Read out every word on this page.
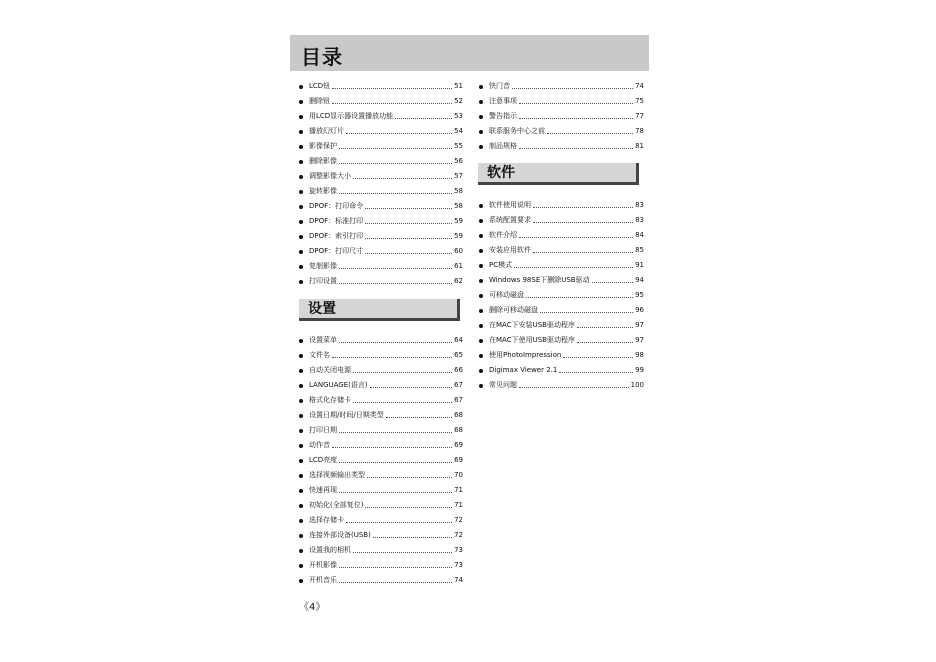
目录
设置
软件
《4》
LCD钮	51
删除钮	52
用LCD显示器设置播放功能	53
播放幻灯片	54
影像保护	55
删除影像	56
调整影像大小	57
旋转影像	58
DPOF：打印命令	58
DPOF：标准打印	59
DPOF：索引打印	59
DPOF：打印尺寸	60
复制影像	61
打印设置	62
设置菜单	64
文件名	65
自动关闭电源	66
LANGUAGE(语言)	67
格式化存储卡	67
设置日期/时间/日期类型	68
打印日期	68
动作音	69
LCD亮度	69
选择视频输出类型	70
快速再现	71
初始化(全部复位)	71
选择存储卡	72
连接外部设备(USB)	72
设置我的相机	73
开机影像	73
开机音乐	74
快门音	74
注意事项	75
警告指示	77
联系服务中心之前	78
制品规格	81
软件使用说明	83
系统配置要求	83
软件介绍	84
安装应用软件	85
PC模式	91
Windows 98SE下删除USB驱动	94
可移动磁盘	95
删除可移动磁盘	96
在MAC下安装USB驱动程序	97
在MAC下使用USB驱动程序	97
使用PhotoImpression	98
Digimax Viewer 2.1	99
常见问题	100
